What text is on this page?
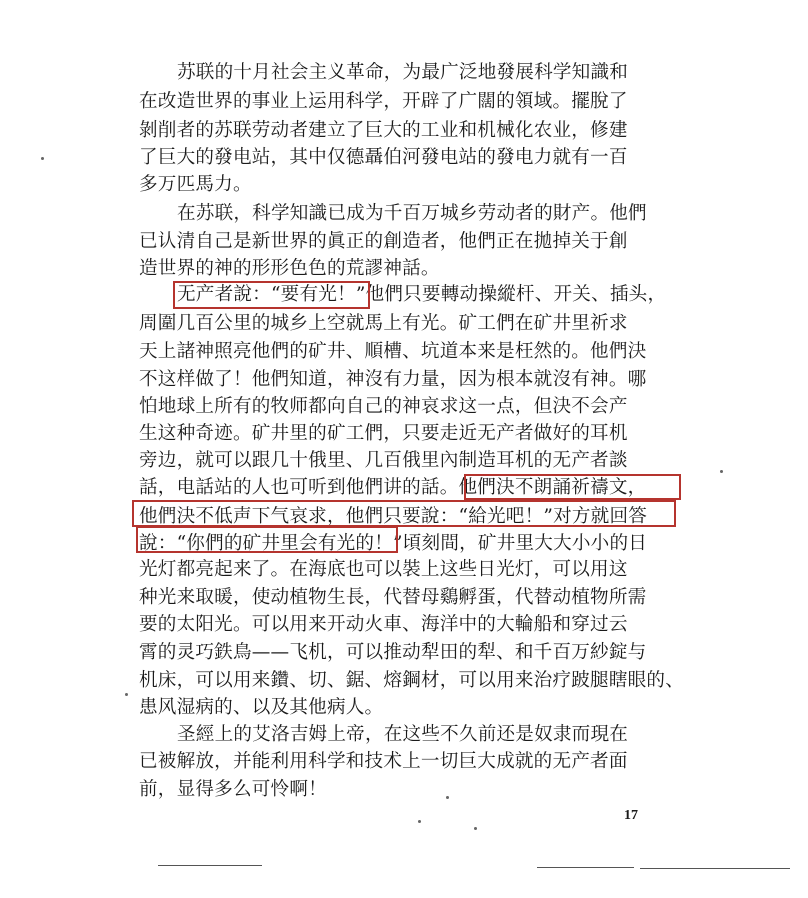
苏联的十月社会主义革命，为最广泛地發展科学知識和
在改造世界的事业上运用科学，开辟了广闊的領域。擺脫了
剝削者的苏联劳动者建立了巨大的工业和机械化农业，修建
了巨大的發电站，其中仅德聶伯河發电站的發电力就有一百
多万匹馬力。
在苏联，科学知識已成为千百万城乡劳动者的財产。他們
已认清自己是新世界的眞正的創造者，他們正在拋掉关于創
造世界的神的形形色色的荒謬神話。
无产者說：“要有光！”他們只要轉动操縱杆、开关、插头，
周圍几百公里的城乡上空就馬上有光。矿工們在矿井里祈求
天上諸神照亮他們的矿井、順槽、坑道本来是枉然的。他們決
不这样做了！他們知道，神沒有力量，因为根本就沒有神。哪
怕地球上所有的牧师都向自己的神哀求这一点，但決不会产
生这种奇迹。矿井里的矿工們，只要走近无产者做好的耳机
旁边，就可以跟几十俄里、几百俄里內制造耳机的无产者談
話，电話站的人也可听到他們讲的話。他們決不朗誦祈禱文，
他們決不低声下气哀求，他們只要說：“給光吧！”对方就回答
說：“你們的矿井里会有光的！”頃刻間，矿井里大大小小的日
光灯都亮起来了。在海底也可以裝上这些日光灯，可以用这
种光来取暖，使动植物生長，代替母鷄孵蛋，代替动植物所需
要的太阳光。可以用来开动火車、海洋中的大輪船和穿过云
霄的灵巧鉄鳥——飞机，可以推动犁田的犁、和千百万紗錠与
机床，可以用来鑽、切、鋸、熔鋼材，可以用来治疗跛腿瞎眼的、
患风湿病的、以及其他病人。
圣經上的艾洛吉姆上帝，在这些不久前还是奴隶而現在
已被解放，并能利用科学和技术上一切巨大成就的无产者面
前，显得多么可怜啊！
17
